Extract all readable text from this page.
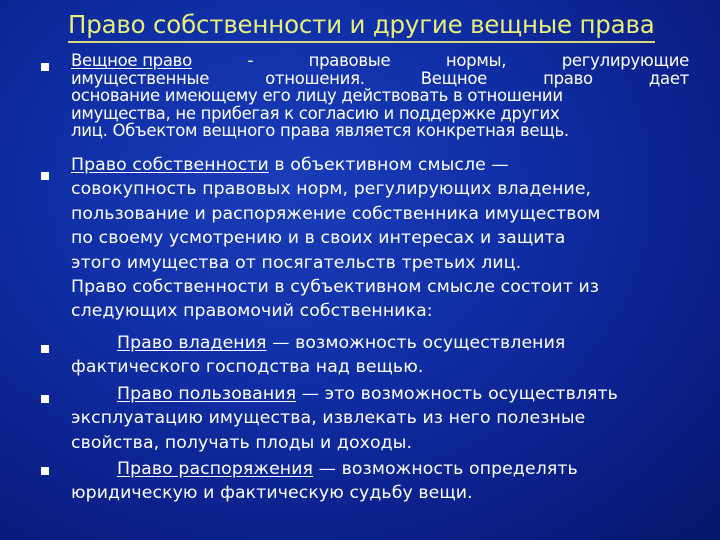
Право собственности и другие вещные права
Вещное право	-	правовые	нормы,	регулирующие
имущественные	отношения.	Вещное	право	дает
основание имеющему его лицу действовать в отношении
имущества, не прибегая к согласию и поддержке других
лиц. Объектом вещного права является конкретная вещь.
Право собственности в объективном смысле —
совокупность правовых норм, регулирующих владение,
пользование и распоряжение собственника имуществом
по своему усмотрению и в своих интересах и защита
этого имущества от посягательств третьих лиц.
Право собственности в субъективном смысле состоит из
следующих правомочий собственника:
Право владения — возможность осуществления
фактического господства над вещью.
Право пользования — это возможность осуществлять
эксплуатацию имущества, извлекать из него полезные
свойства, получать плоды и доходы.
Право распоряжения — возможность определять
юридическую и фактическую судьбу вещи.
